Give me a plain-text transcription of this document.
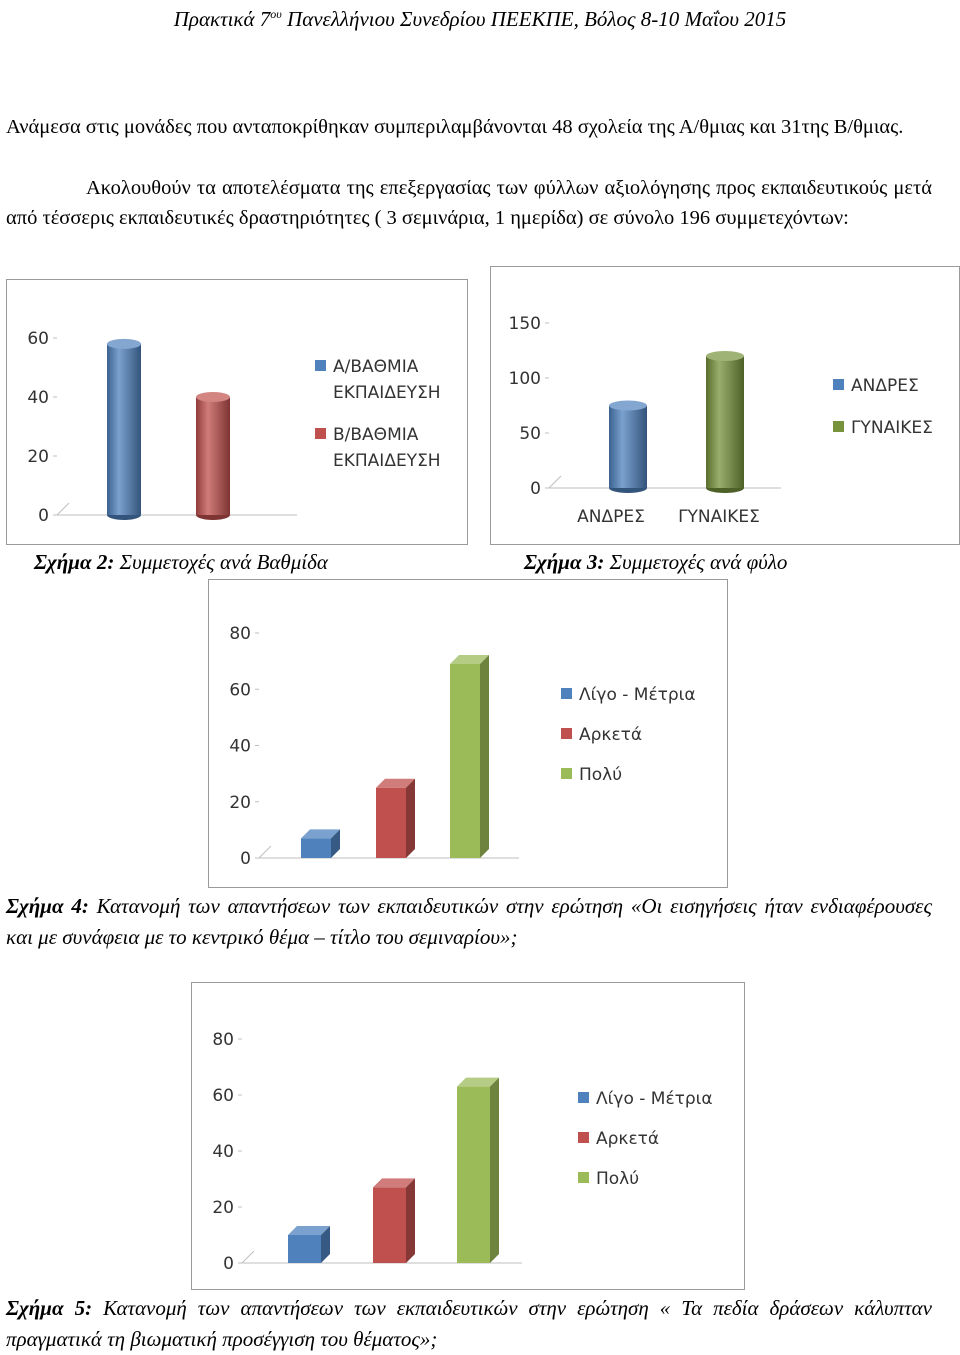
Πρακτικά $7^{o\upsilon}$ Πανελλήνιου Συνεδρίου ΠΕΕΚΠΕ, Βόλος 8-10 Μαΐου 2015
Ανάμεσα στις μονάδες που ανταποκρίθηκαν συμπεριλαμβάνονται 48 σχολεία της Α/θμιας και 31της Β/θμιας.
Ακολουθούν τα αποτελέσματα της επεξεργασίας των φύλλων αξιολόγησης προς εκπαιδευτικούς μετά από τέσσερις εκπαιδευτικές δραστηριότητες ( 3 σεμινάρια, 1 ημερίδα) σε σύνολο 196 συμμετεχόντων:
0
20
40
60
Α/ΒΑΘΜΙΑ
ΕΚΠΑΙΔΕΥΣΗ
Β/ΒΑΘΜΙΑ
ΕΚΠΑΙΔΕΥΣΗ
0
50
100
150
ΑΝΔΡΕΣ ΓΥΝΑΙΚΕΣ
ΑΝΔΡΕΣ
ΓΥΝΑΙΚΕΣ
Σχήμα 2: Συμμετοχές ανά Βαθμίδα	Σχήμα 3: Συμμετοχές ανά φύλο
0
20
40
60
80
Λίγο - Μέτρια
Αρκετά
Πολύ
Σχήμα 4: Κατανομή των απαντήσεων των εκπαιδευτικών στην ερώτηση «Οι εισηγήσεις ήταν ενδιαφέρουσες και με συνάφεια με το κεντρικό θέμα – τίτλο του σεμιναρίου»;
0
20
40
60
80
Λίγο - Μέτρια
Αρκετά
Πολύ
Σχήμα 5: Κατανομή των απαντήσεων των εκπαιδευτικών στην ερώτηση « Τα πεδία δράσεων κάλυπταν πραγματικά τη βιωματική προσέγγιση του θέματος»;
